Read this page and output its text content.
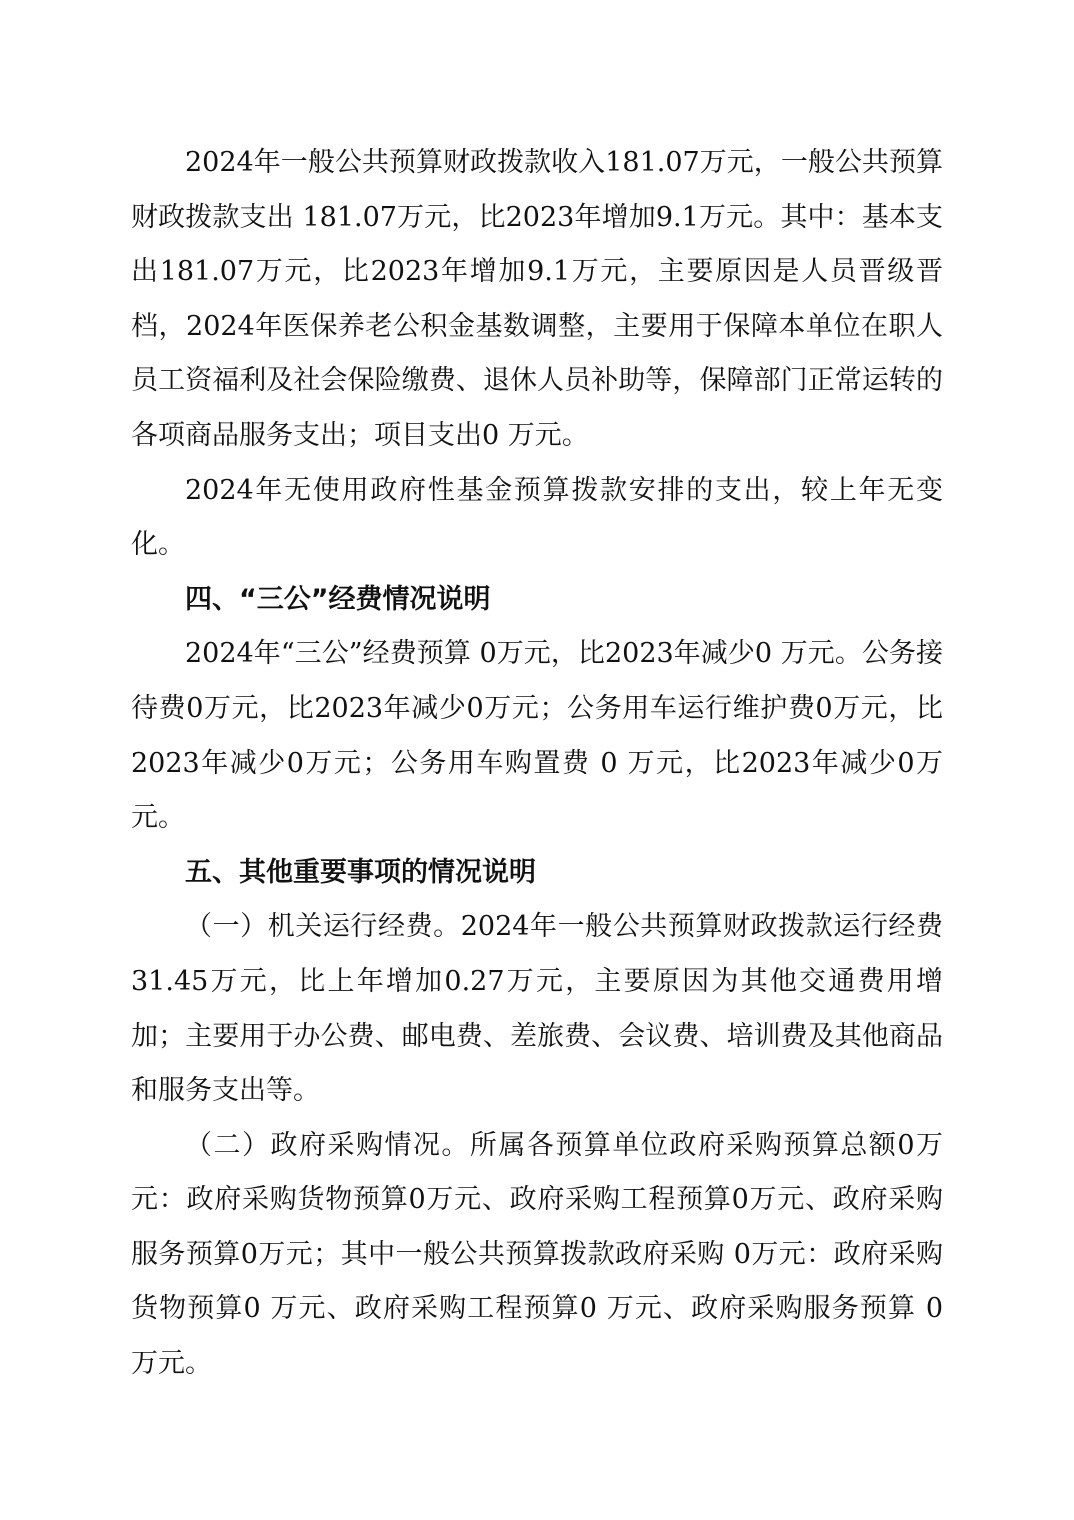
2024年一般公共预算财政拨款收入181.07万元，一般公共预算财政拨款支出 181.07万元，比2023年增加9.1万元。其中：基本支出181.07万元，比2023年增加9.1万元，主要原因是人员晋级晋档，2024年医保养老公积金基数调整，主要用于保障本单位在职人员工资福利及社会保险缴费、退休人员补助等，保障部门正常运转的各项商品服务支出；项目支出0 万元。

2024年无使用政府性基金预算拨款安排的支出，较上年无变化。

四、“三公”经费情况说明

2024年“三公”经费预算 0万元，比2023年减少0 万元。公务接待费0万元，比2023年减少0万元；公务用车运行维护费0万元，比2023年减少0万元；公务用车购置费 0 万元，比2023年减少0万元。

五、其他重要事项的情况说明

（一）机关运行经费。2024年一般公共预算财政拨款运行经费31.45万元，比上年增加0.27万元，主要原因为其他交通费用增加；主要用于办公费、邮电费、差旅费、会议费、培训费及其他商品和服务支出等。

（二）政府采购情况。所属各预算单位政府采购预算总额0万元：政府采购货物预算0万元、政府采购工程预算0万元、政府采购服务预算0万元；其中一般公共预算拨款政府采购 0万元：政府采购货物预算0 万元、政府采购工程预算0 万元、政府采购服务预算 0 万元。
